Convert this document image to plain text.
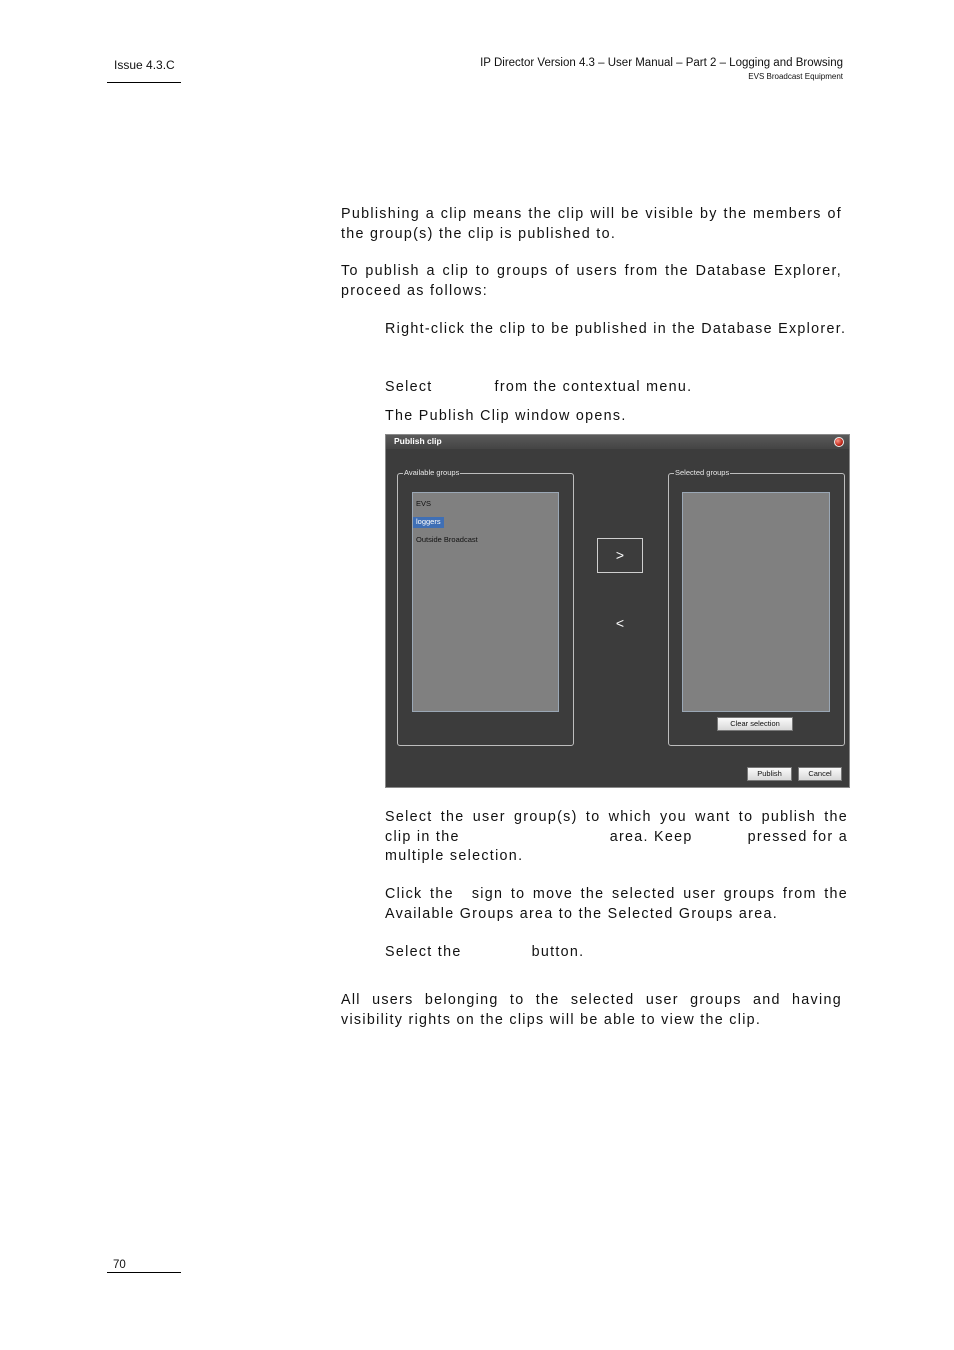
Issue 4.3.C	IP Director Version 4.3 – User Manual – Part 2 – Logging and Browsing
EVS Broadcast Equipment
Publishing a clip means the clip will be visible by the members of the group(s) the clip is published to.
To publish a clip to groups of users from the Database Explorer, proceed as follows:
Right-click the clip to be published in the Database Explorer.
Select	from the contextual menu.
The Publish Clip window opens.
Publish clip
Available groups
EVS
loggers
Outside Broadcast
>
<
Selected groups
Clear selection
Publish	Cancel
Select the user group(s) to which you want to publish the clip in the	area. Keep	pressed for a multiple selection.
Click the sign to move the selected user groups from the Available Groups area to the Selected Groups area.
Select the	button.
All users belonging to the selected user groups and having visibility rights on the clips will be able to view the clip.
70
